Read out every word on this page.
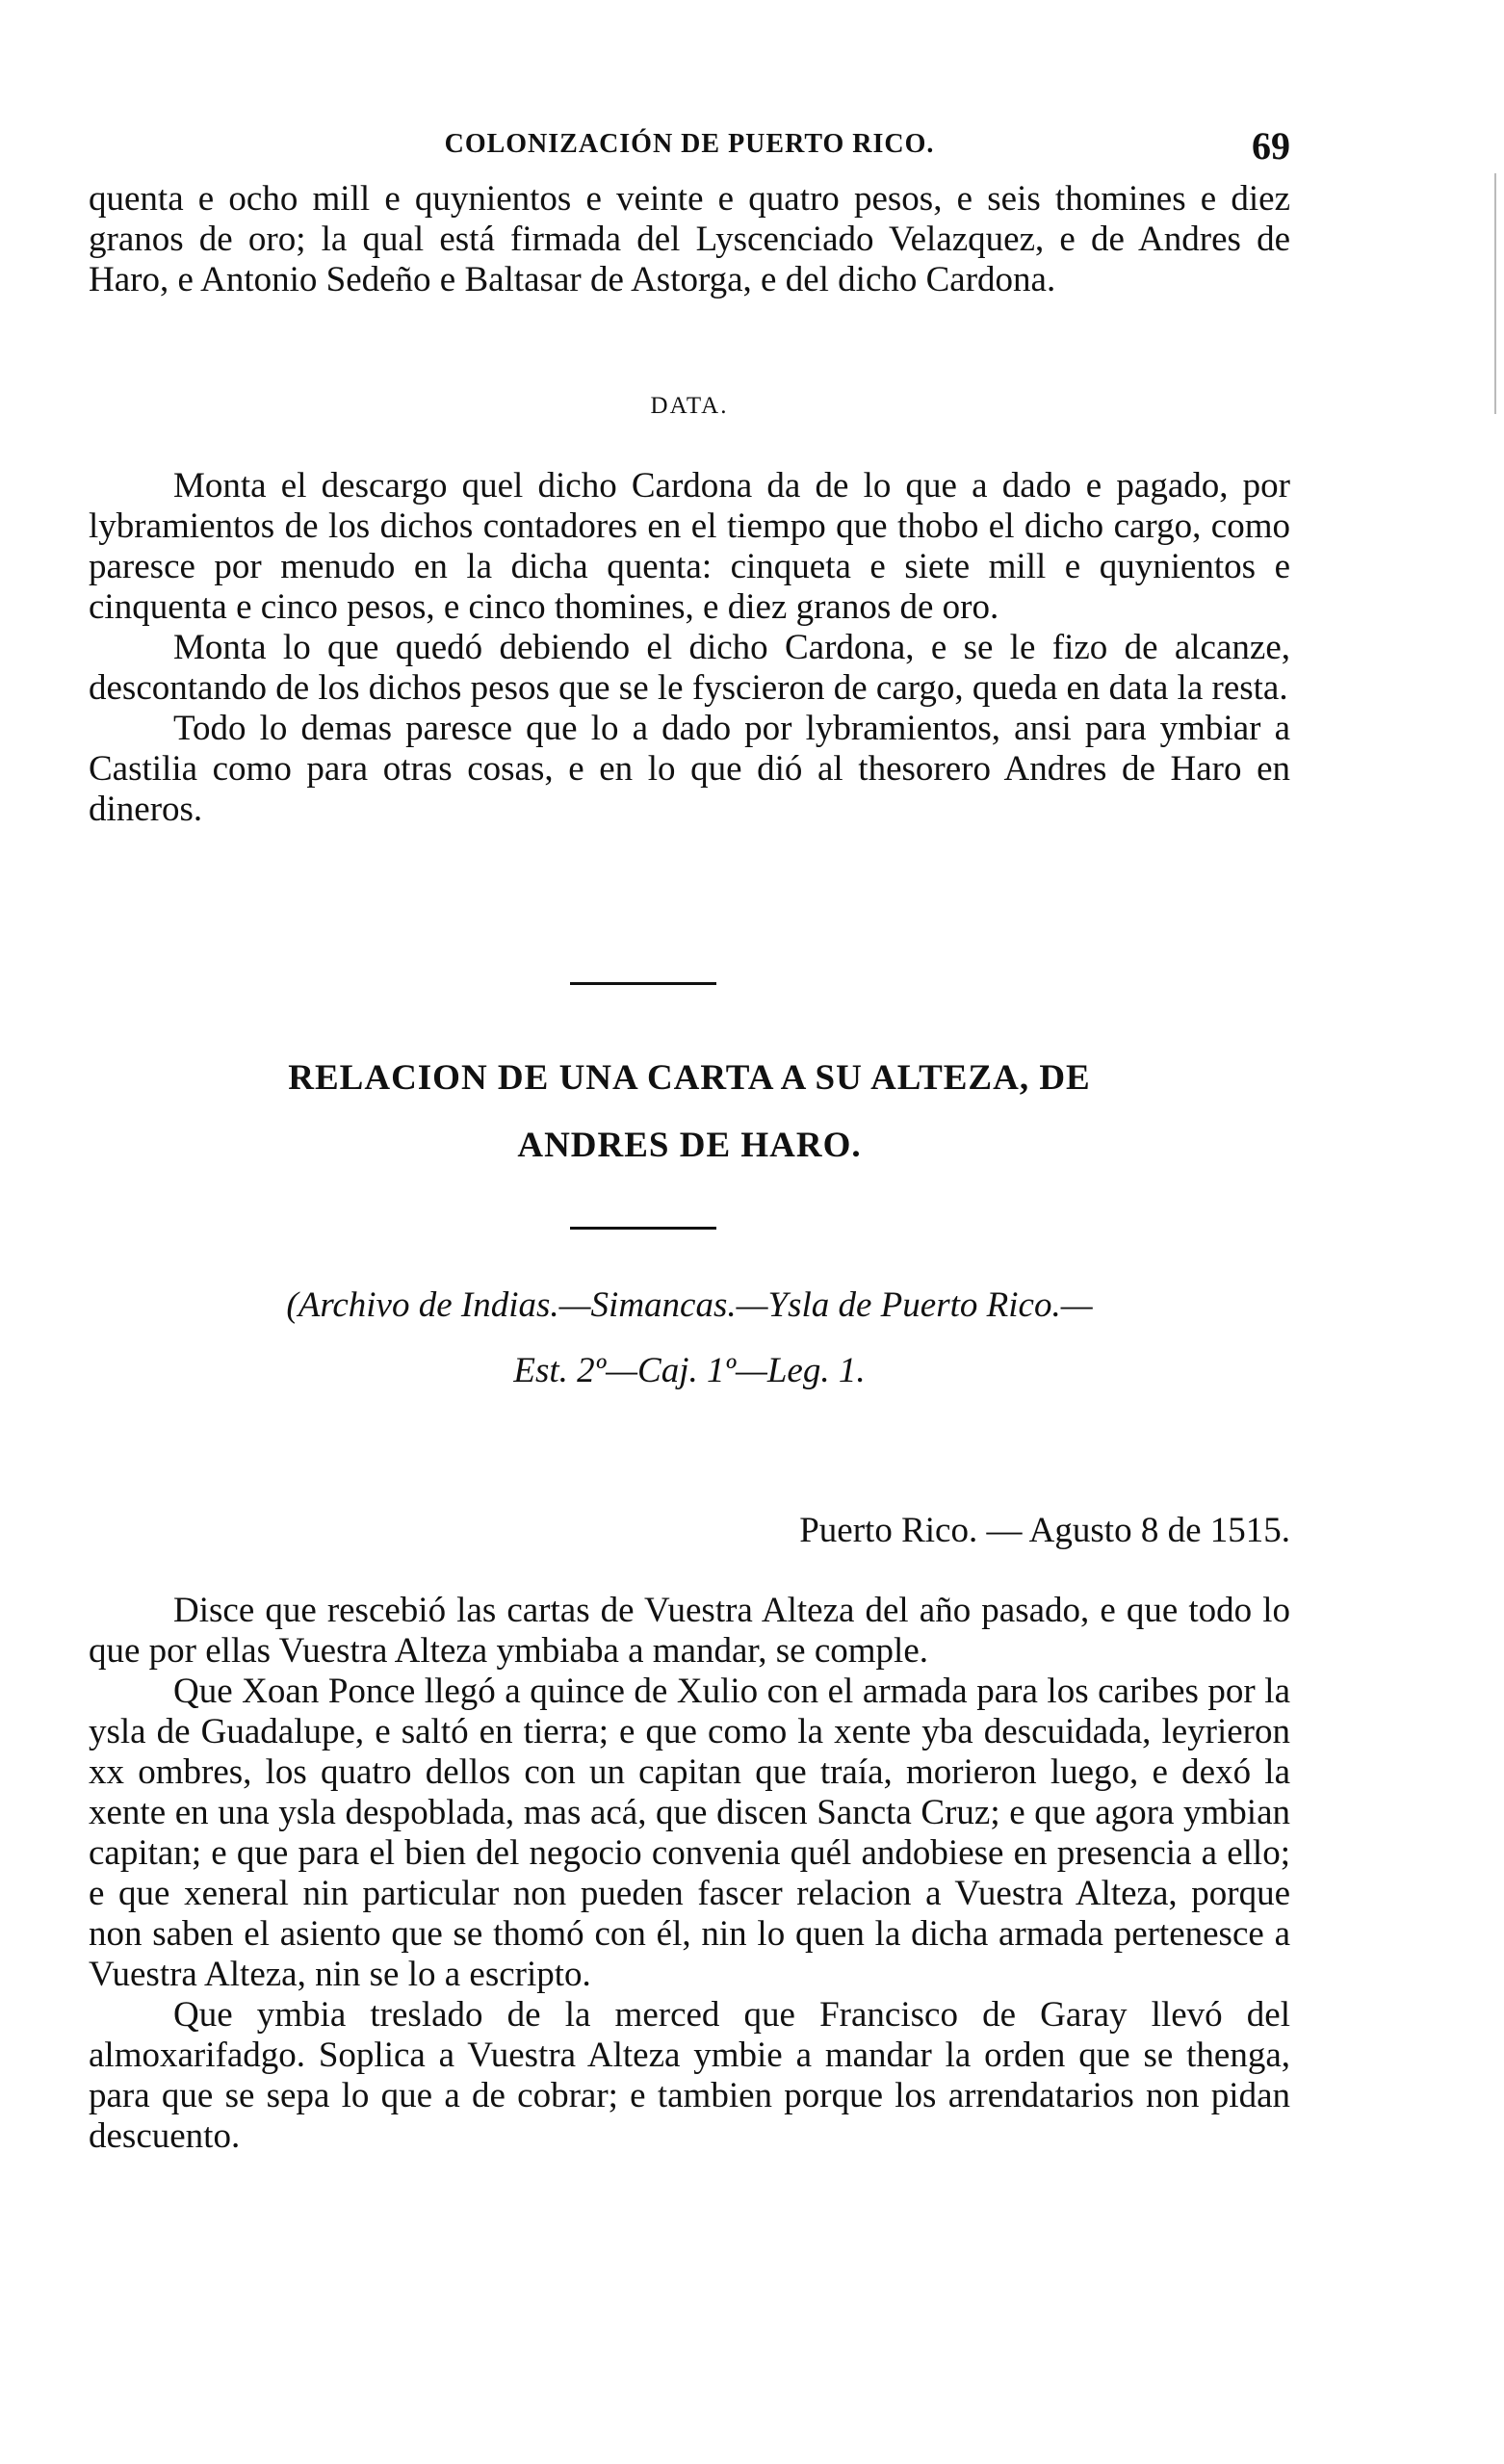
COLONIZACIÓN DE PUERTO RICO.	69

quenta e ocho mill e quynientos e veinte e quatro pesos, e seis thomines e diez granos de oro; la qual está firmada del Lyscenciado Velazquez, e de Andres de Haro, e Antonio Sedeño e Baltasar de Astorga, e del dicho Cardona.

DATA.

Monta el descargo quel dicho Cardona da de lo que a dado e pagado, por lybramientos de los dichos contadores en el tiempo que thobo el dicho cargo, como paresce por menudo en la dicha quenta: cinqueta e siete mill e quynientos e cinquenta e cinco pesos, e cinco thomines, e diez granos de oro.

Monta lo que quedó debiendo el dicho Cardona, e se le fizo de alcanze, descontando de los dichos pesos que se le fyscieron de cargo, queda en data la resta.

Todo lo demas paresce que lo a dado por lybramientos, ansi para ymbiar a Castilia como para otras cosas, e en lo que dió al thesorero Andres de Haro en dineros.

RELACION DE UNA CARTA A SU ALTEZA, DE
ANDRES DE HARO.
(Archivo de Indias.—Simancas.—Ysla de Puerto Rico.—
Est. 2º—Caj. 1º—Leg. 1.
Puerto Rico. — Agusto 8 de 1515.

Disce que rescebió las cartas de Vuestra Alteza del año pasado, e que todo lo que por ellas Vuestra Alteza ymbiaba a mandar, se comple.

Que Xoan Ponce llegó a quince de Xulio con el armada para los caribes por la ysla de Guadalupe, e saltó en tierra; e que como la xente yba descuidada, leyrieron xx ombres, los quatro dellos con un capitan que traía, morieron luego, e dexó la xente en una ysla despoblada, mas acá, que discen Sancta Cruz; e que agora ymbian capitan; e que para el bien del negocio convenia quél andobiese en presencia a ello; e que xeneral nin particular non pueden fascer relacion a Vuestra Alteza, porque non saben el asiento que se thomó con él, nin lo quen la dicha armada pertenesce a Vuestra Alteza, nin se lo a escripto.

Que ymbia treslado de la merced que Francisco de Garay llevó del almoxarifadgo. Soplica a Vuestra Alteza ymbie a mandar la orden que se thenga, para que se sepa lo que a de cobrar; e tambien porque los arrendatarios non pidan descuento.
